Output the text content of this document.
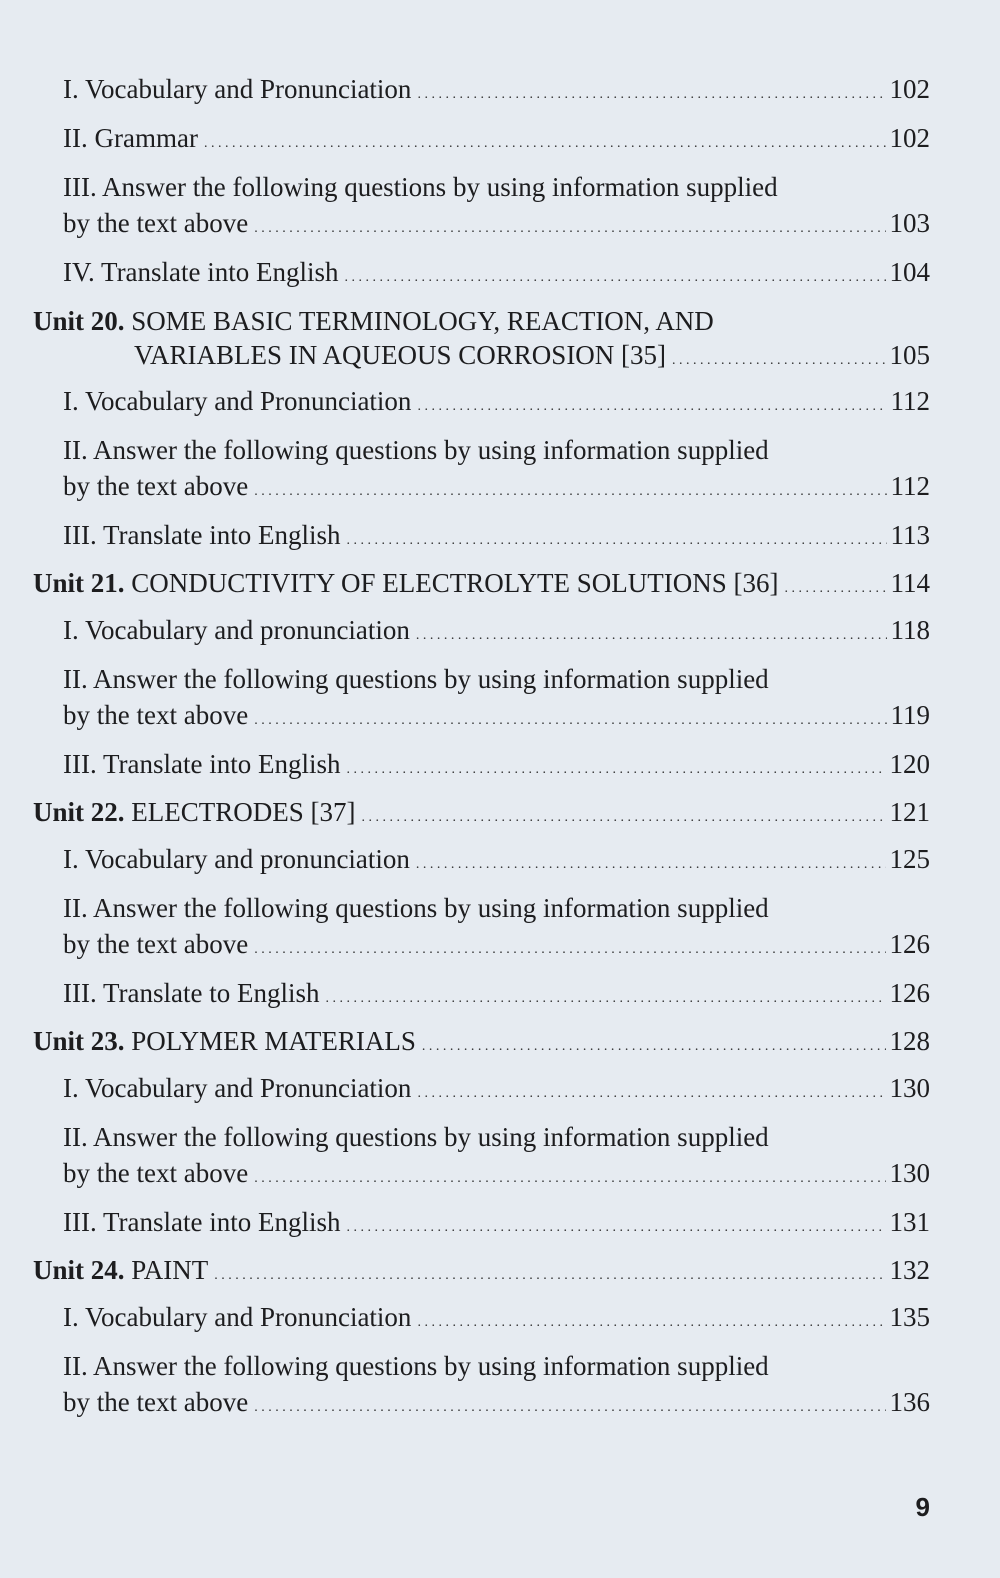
I. Vocabulary and Pronunciation . . .	102
II. Grammar . . .	102
III. Answer the following questions by using information supplied
by the text above . . .	103
IV. Translate into English . . .	104
Unit 20. SOME BASIC TERMINOLOGY, REACTION, AND
VARIABLES IN AQUEOUS CORROSION [35] . . .	105
I. Vocabulary and Pronunciation . . .	112
II. Answer the following questions by using information supplied
by the text above . . .	112
III. Translate into English . . .	113
Unit 21. CONDUCTIVITY OF ELECTROLYTE SOLUTIONS [36] . . .	114
I. Vocabulary and pronunciation . . .	118
II. Answer the following questions by using information supplied
by the text above . . .	119
III. Translate into English . . .	120
Unit 22. ELECTRODES [37] . . .	121
I. Vocabulary and pronunciation . . .	125
II. Answer the following questions by using information supplied
by the text above . . .	126
III. Translate to English . . .	126
Unit 23. POLYMER MATERIALS . . .	128
I. Vocabulary and Pronunciation . . .	130
II. Answer the following questions by using information supplied
by the text above . . .	130
III. Translate into English . . .	131
Unit 24. PAINT . . .	132
I. Vocabulary and Pronunciation . . .	135
II. Answer the following questions by using information supplied
by the text above . . .	136
9
